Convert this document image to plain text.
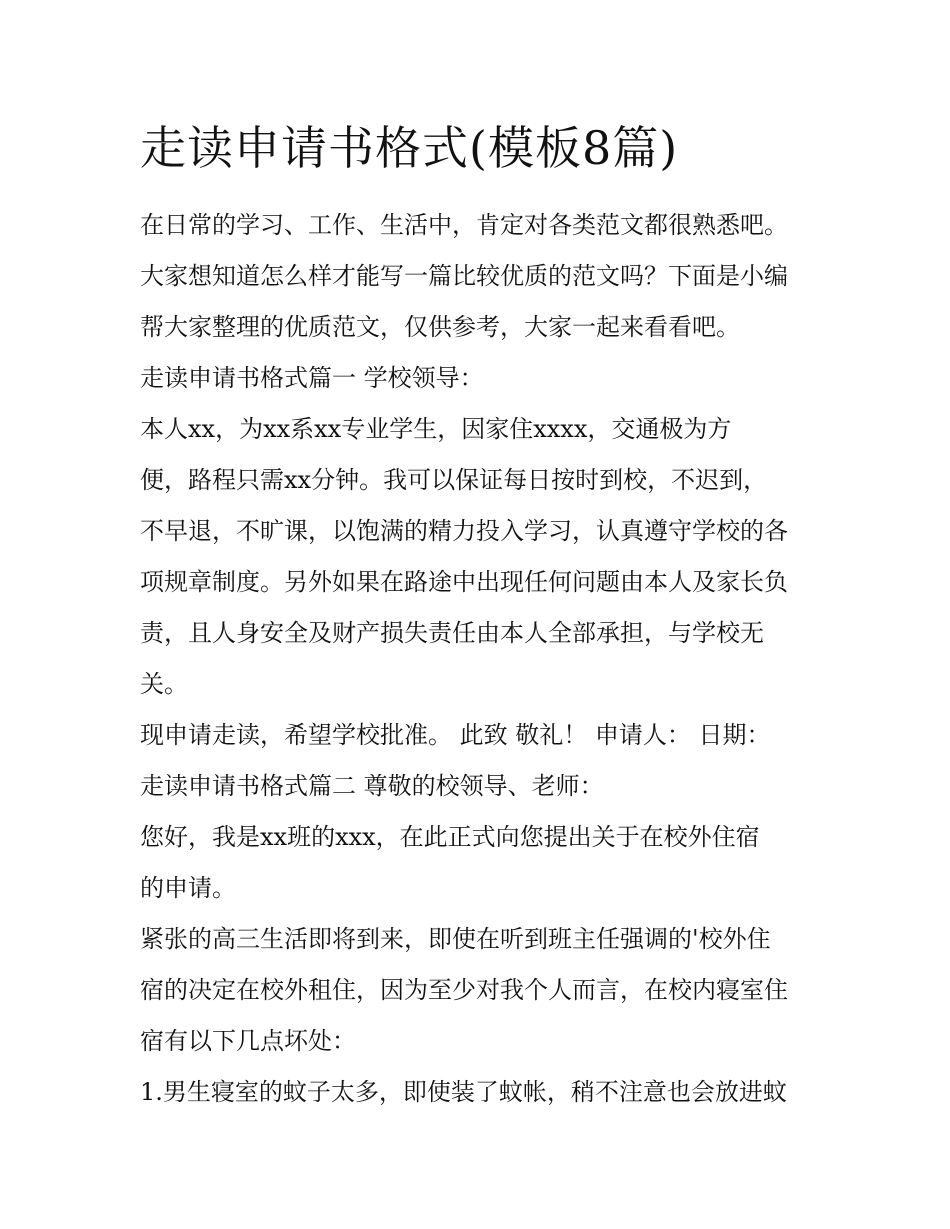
走读申请书格式(模板8篇)
在日常的学习、工作、生活中，肯定对各类范文都很熟悉吧。
大家想知道怎么样才能写一篇比较优质的范文吗？下面是小编
帮大家整理的优质范文，仅供参考，大家一起来看看吧。
走读申请书格式篇一 学校领导：
本人xx，为xx系xx专业学生，因家住xxxx，交通极为方
便，路程只需xx分钟。我可以保证每日按时到校，不迟到，
不早退，不旷课，以饱满的精力投入学习，认真遵守学校的各
项规章制度。另外如果在路途中出现任何问题由本人及家长负
责，且人身安全及财产损失责任由本人全部承担，与学校无
关。
现申请走读，希望学校批准。 此致 敬礼！ 申请人： 日期：
走读申请书格式篇二 尊敬的校领导、老师：
您好，我是xx班的xxx，在此正式向您提出关于在校外住宿
的申请。
紧张的高三生活即将到来，即使在听到班主任强调的'校外住
宿的决定在校外租住，因为至少对我个人而言，在校内寝室住
宿有以下几点坏处：
1.男生寝室的蚊子太多，即使装了蚊帐，稍不注意也会放进蚊
